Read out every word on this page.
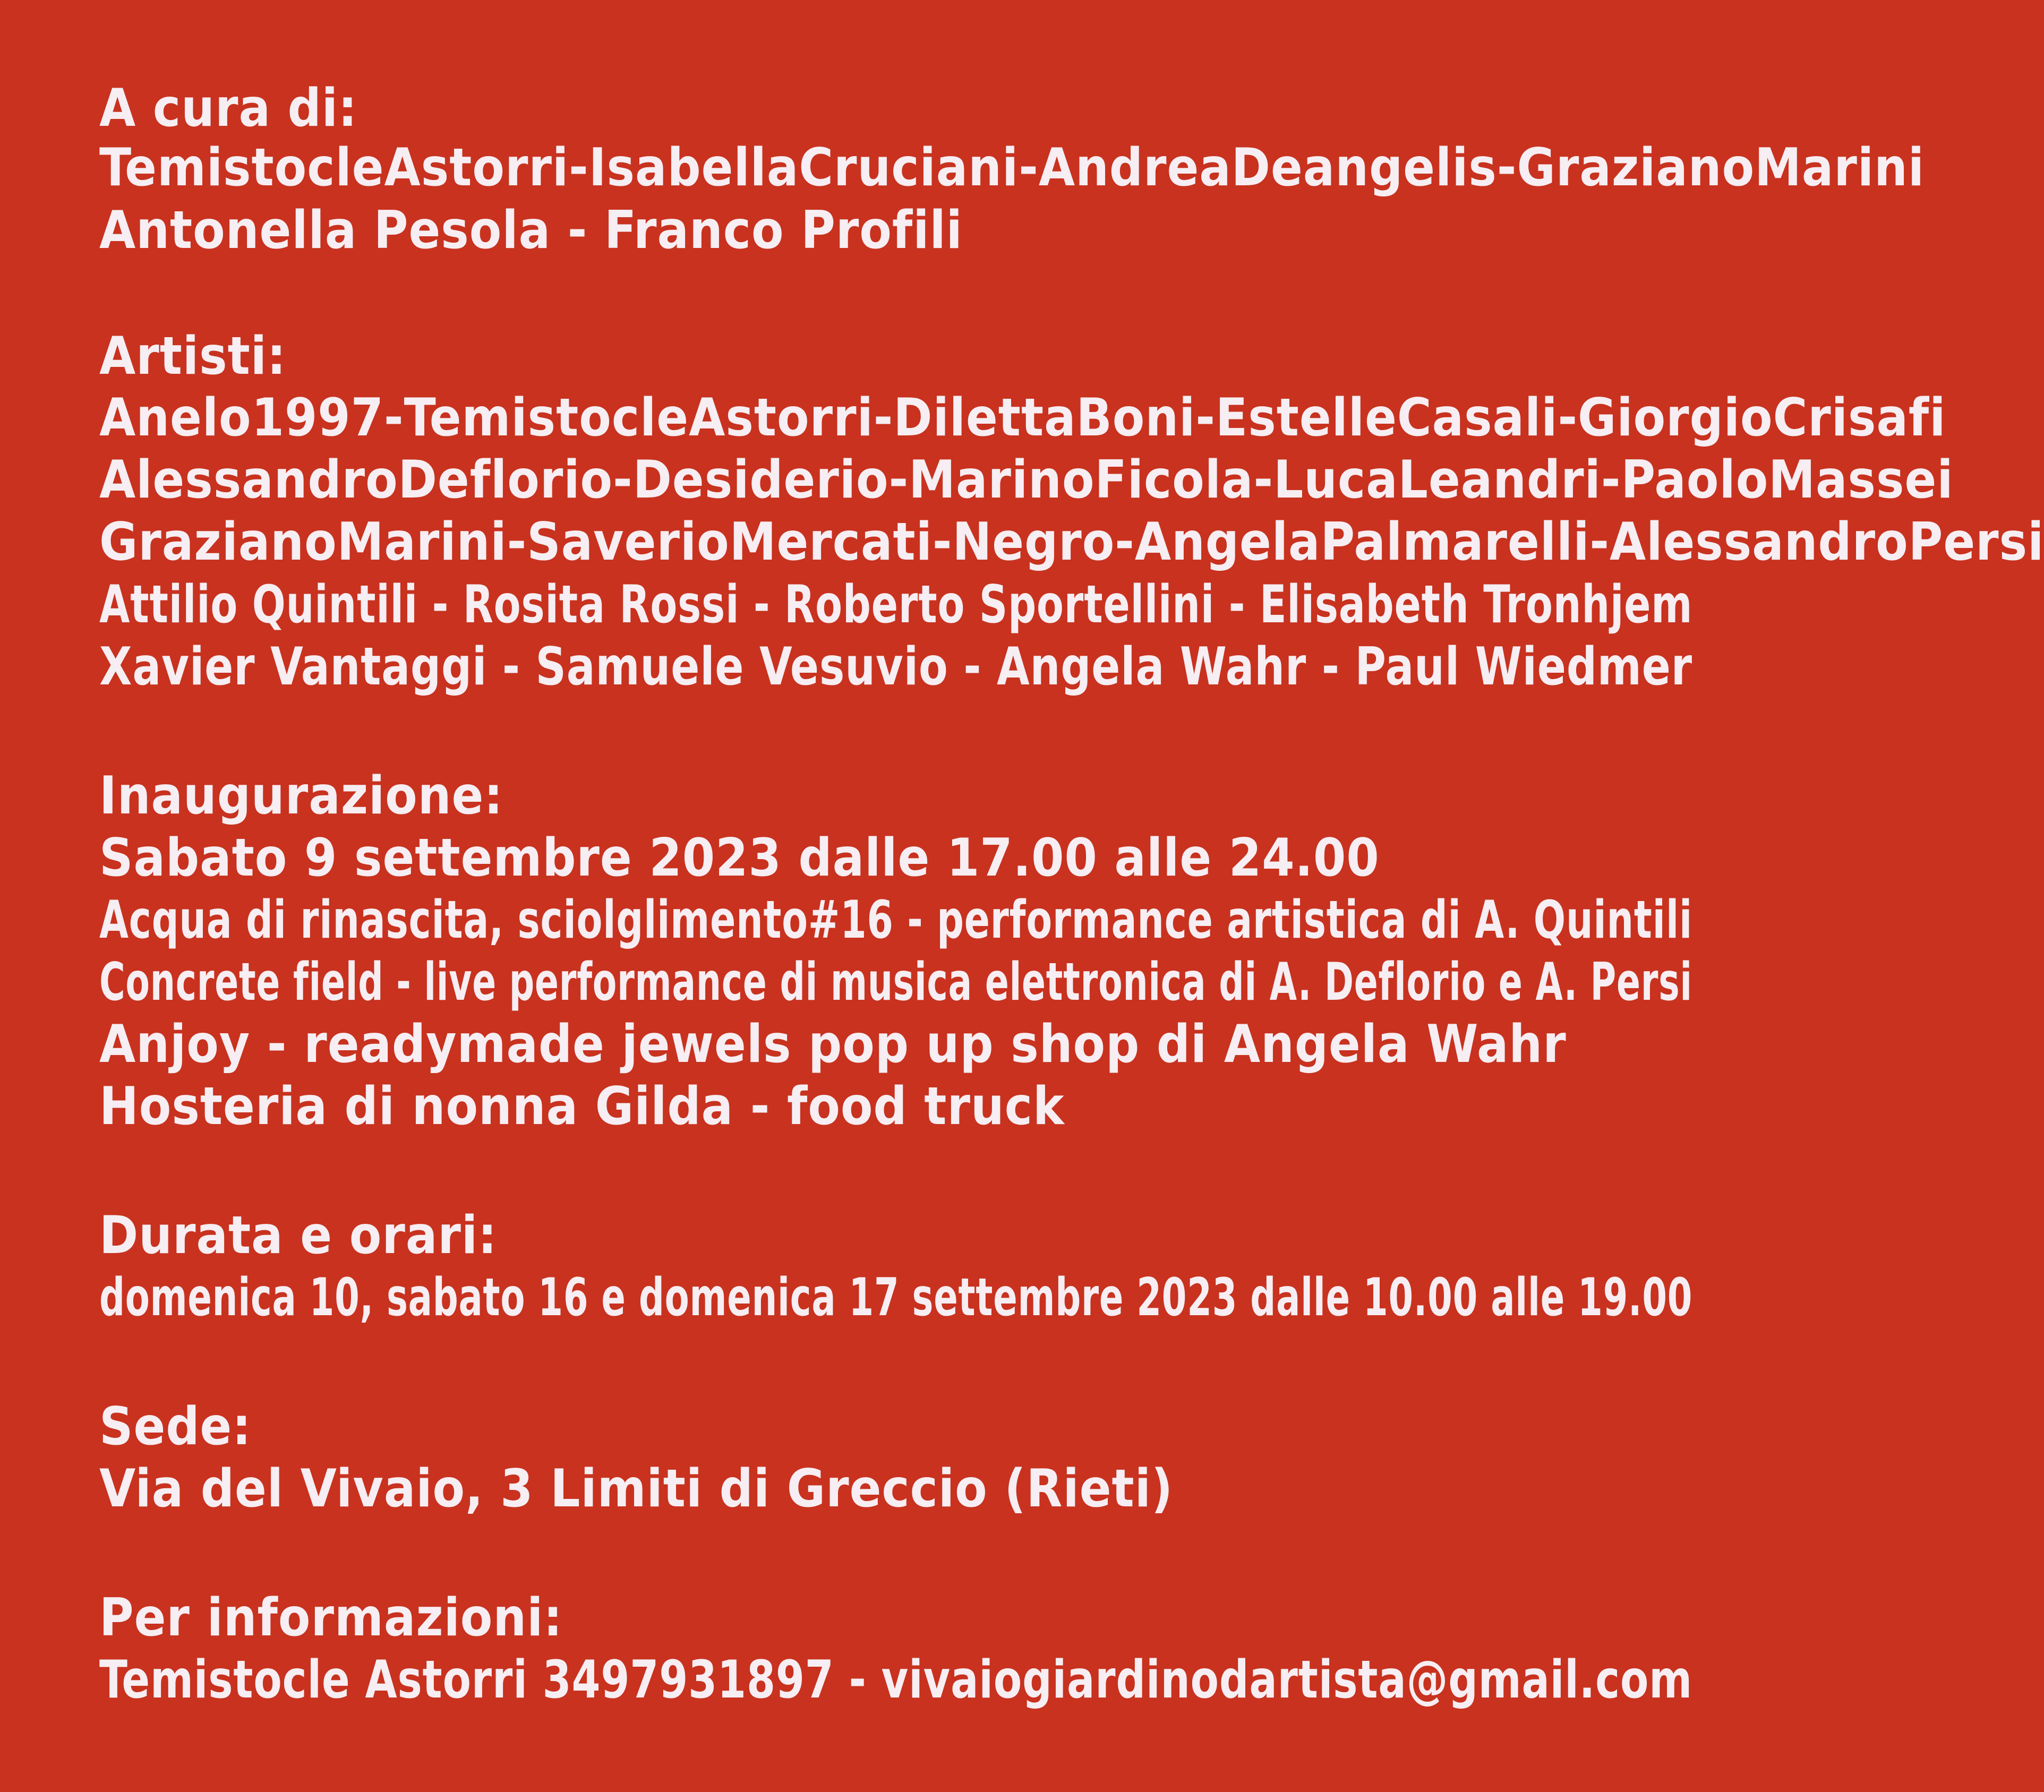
A cura di:
Temistocle Astorri - Isabella Cruciani - Andrea Deangelis - Graziano Marini
Antonella Pesola - Franco Profili
Artisti:
Anelo 1997 - Temistocle Astorri - Diletta Boni - Estelle Casali - Giorgio Crisafi
Alessandro Deflorio - Desiderio - Marino Ficola - Luca Leandri - Paolo Massei
Graziano Marini - Saverio Mercati - Negro - Angela Palmarelli - Alessandro Persi
Attilio Quintili - Rosita Rossi - Roberto Sportellini - Elisabeth Tronhjem
Xavier Vantaggi - Samuele Vesuvio - Angela Wahr - Paul Wiedmer
Inaugurazione:
Sabato 9 settembre 2023 dalle 17.00 alle 24.00
Acqua di rinascita, sciolglimento#16 - performance artistica di A. Quintili
Concrete field - live performance di musica elettronica di A. Deflorio e A. Persi
Anjoy - readymade jewels pop up shop di Angela Wahr
Hosteria di nonna Gilda - food truck
Durata e orari:
domenica 10, sabato 16 e domenica 17 settembre 2023 dalle 10.00 alle 19.00
Sede:
Via del Vivaio, 3 Limiti di Greccio (Rieti)
Per informazioni:
Temistocle Astorri 3497931897 - vivaiogiardinodartista@gmail.com
